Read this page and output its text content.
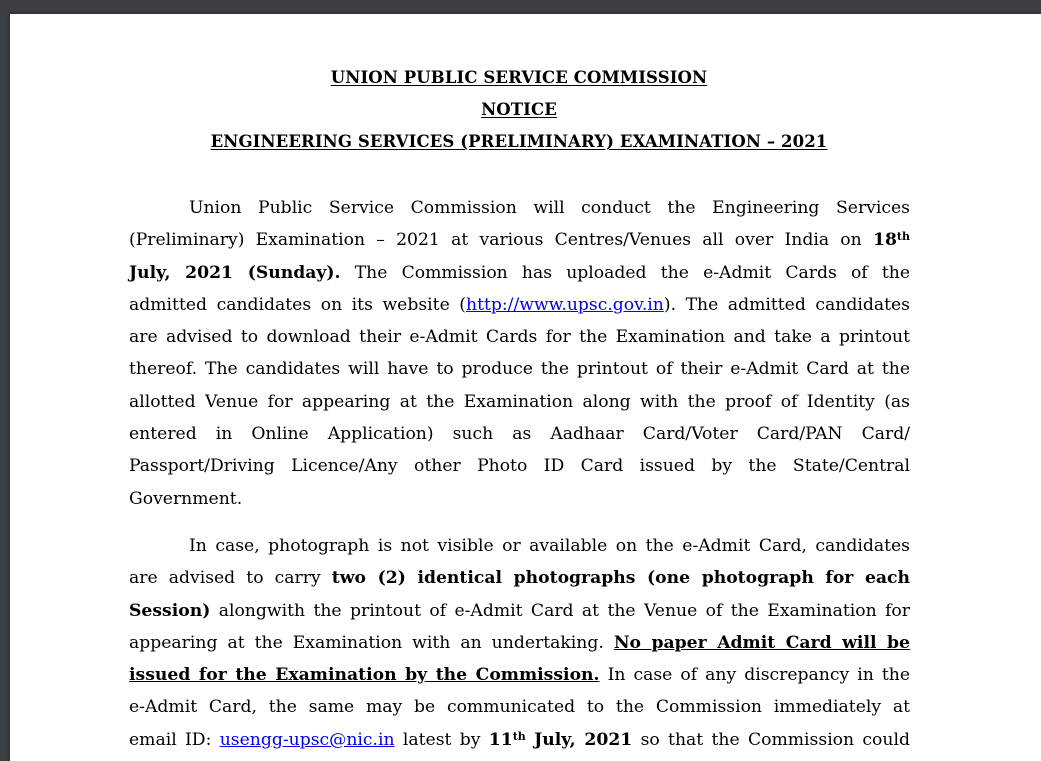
UNION PUBLIC SERVICE COMMISSION
NOTICE
ENGINEERING SERVICES (PRELIMINARY) EXAMINATION – 2021
Union Public Service Commission will conduct the Engineering Services
(Preliminary) Examination – 2021 at various Centres/Venues all over India on 18th
July, 2021 (Sunday). The Commission has uploaded the e-Admit Cards of the
admitted candidates on its website (http://www.upsc.gov.in). The admitted candidates
are advised to download their e-Admit Cards for the Examination and take a printout
thereof. The candidates will have to produce the printout of their e-Admit Card at the
allotted Venue for appearing at the Examination along with the proof of Identity (as
entered in Online Application) such as Aadhaar Card/Voter Card/PAN Card/
Passport/Driving Licence/Any other Photo ID Card issued by the State/Central
Government.
In case, photograph is not visible or available on the e-Admit Card, candidates
are advised to carry two (2) identical photographs (one photograph for each
Session) alongwith the printout of e-Admit Card at the Venue of the Examination for
appearing at the Examination with an undertaking. No paper Admit Card will be
issued for the Examination by the Commission. In case of any discrepancy in the
e-Admit Card, the same may be communicated to the Commission immediately at
email ID: usengg-upsc@nic.in latest by 11th July, 2021 so that the Commission could
